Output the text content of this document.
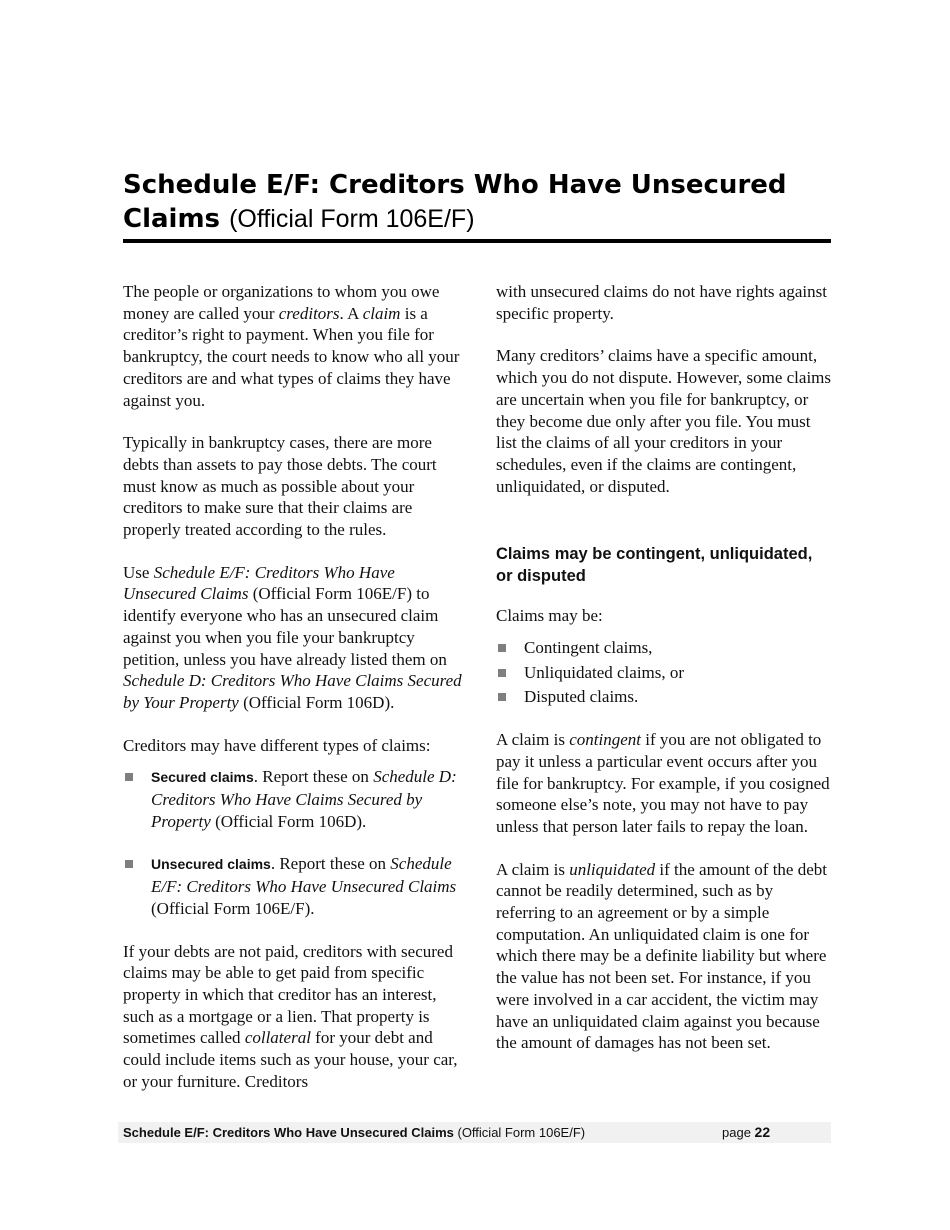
Schedule E/F: Creditors Who Have Unsecured Claims (Official Form 106E/F)

The people or organizations to whom you owe money are called your creditors. A claim is a creditor’s right to payment. When you file for bankruptcy, the court needs to know who all your creditors are and what types of claims they have against you.

Typically in bankruptcy cases, there are more debts than assets to pay those debts. The court must know as much as possible about your creditors to make sure that their claims are properly treated according to the rules.

Use Schedule E/F: Creditors Who Have Unsecured Claims (Official Form 106E/F) to identify everyone who has an unsecured claim against you when you file your bankruptcy petition, unless you have already listed them on Schedule D: Creditors Who Have Claims Secured by Your Property (Official Form 106D).

Creditors may have different types of claims:

Secured claims. Report these on Schedule D: Creditors Who Have Claims Secured by Property (Official Form 106D).
Unsecured claims. Report these on Schedule E/F: Creditors Who Have Unsecured Claims (Official Form 106E/F).

If your debts are not paid, creditors with secured claims may be able to get paid from specific property in which that creditor has an interest, such as a mortgage or a lien. That property is sometimes called collateral for your debt and could include items such as your house, your car, or your furniture. Creditors

with unsecured claims do not have rights against specific property.

Many creditors’ claims have a specific amount, which you do not dispute. However, some claims are uncertain when you file for bankruptcy, or they become due only after you file. You must list the claims of all your creditors in your schedules, even if the claims are contingent, unliquidated, or disputed.

Claims may be contingent, unliquidated, or disputed

Claims may be:

Contingent claims,
Unliquidated claims, or
Disputed claims.

A claim is contingent if you are not obligated to pay it unless a particular event occurs after you file for bankruptcy. For example, if you cosigned someone else’s note, you may not have to pay unless that person later fails to repay the loan.

A claim is unliquidated if the amount of the debt cannot be readily determined, such as by referring to an agreement or by a simple computation. An unliquidated claim is one for which there may be a definite liability but where the value has not been set. For instance, if you were involved in a car accident, the victim may have an unliquidated claim against you because the amount of damages has not been set.

Schedule E/F: Creditors Who Have Unsecured Claims (Official Form 106E/F)	page 22
